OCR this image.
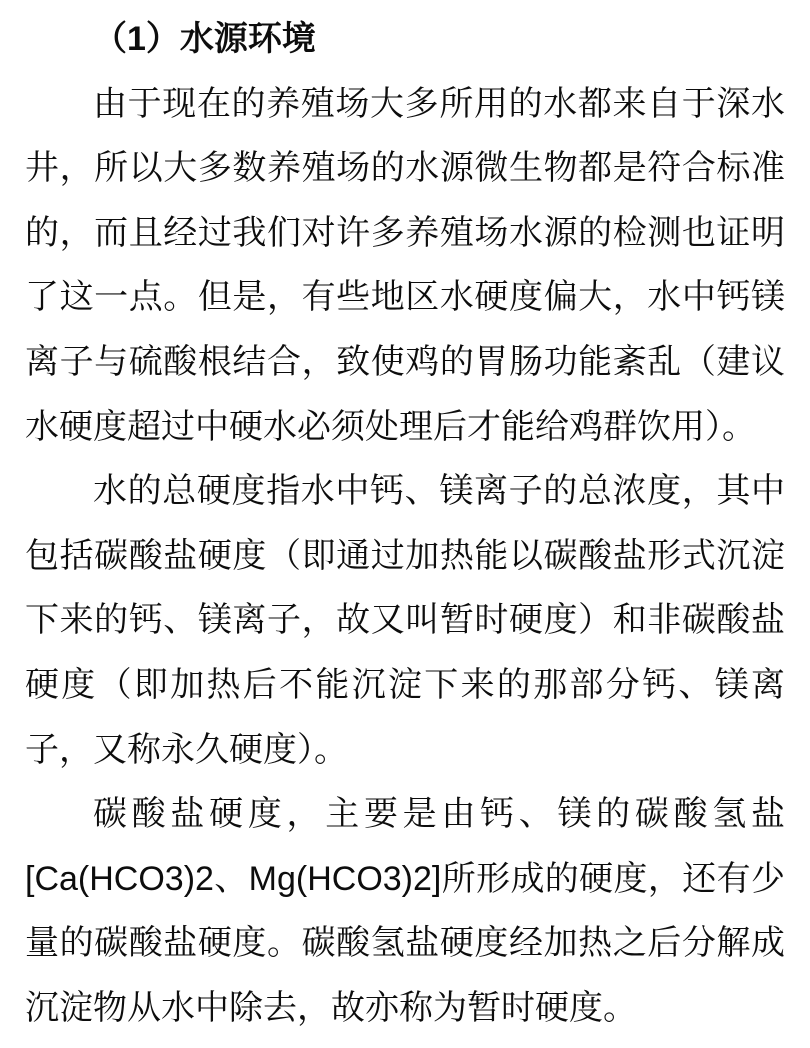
（1）水源环境
由于现在的养殖场大多所用的水都来自于深水
井，所以大多数养殖场的水源微生物都是符合标准
的，而且经过我们对许多养殖场水源的检测也证明
了这一点。但是，有些地区水硬度偏大，水中钙镁
离子与硫酸根结合，致使鸡的胃肠功能紊乱（建议
水硬度超过中硬水必须处理后才能给鸡群饮用）。
水的总硬度指水中钙、镁离子的总浓度，其中
包括碳酸盐硬度（即通过加热能以碳酸盐形式沉淀
下来的钙、镁离子，故又叫暂时硬度）和非碳酸盐
硬度（即加热后不能沉淀下来的那部分钙、镁离
子，又称永久硬度）。
碳酸盐硬度，主要是由钙、镁的碳酸氢盐
[Ca(HCO3)2、Mg(HCO3)2]所形成的硬度，还有少
量的碳酸盐硬度。碳酸氢盐硬度经加热之后分解成
沉淀物从水中除去，故亦称为暂时硬度。
